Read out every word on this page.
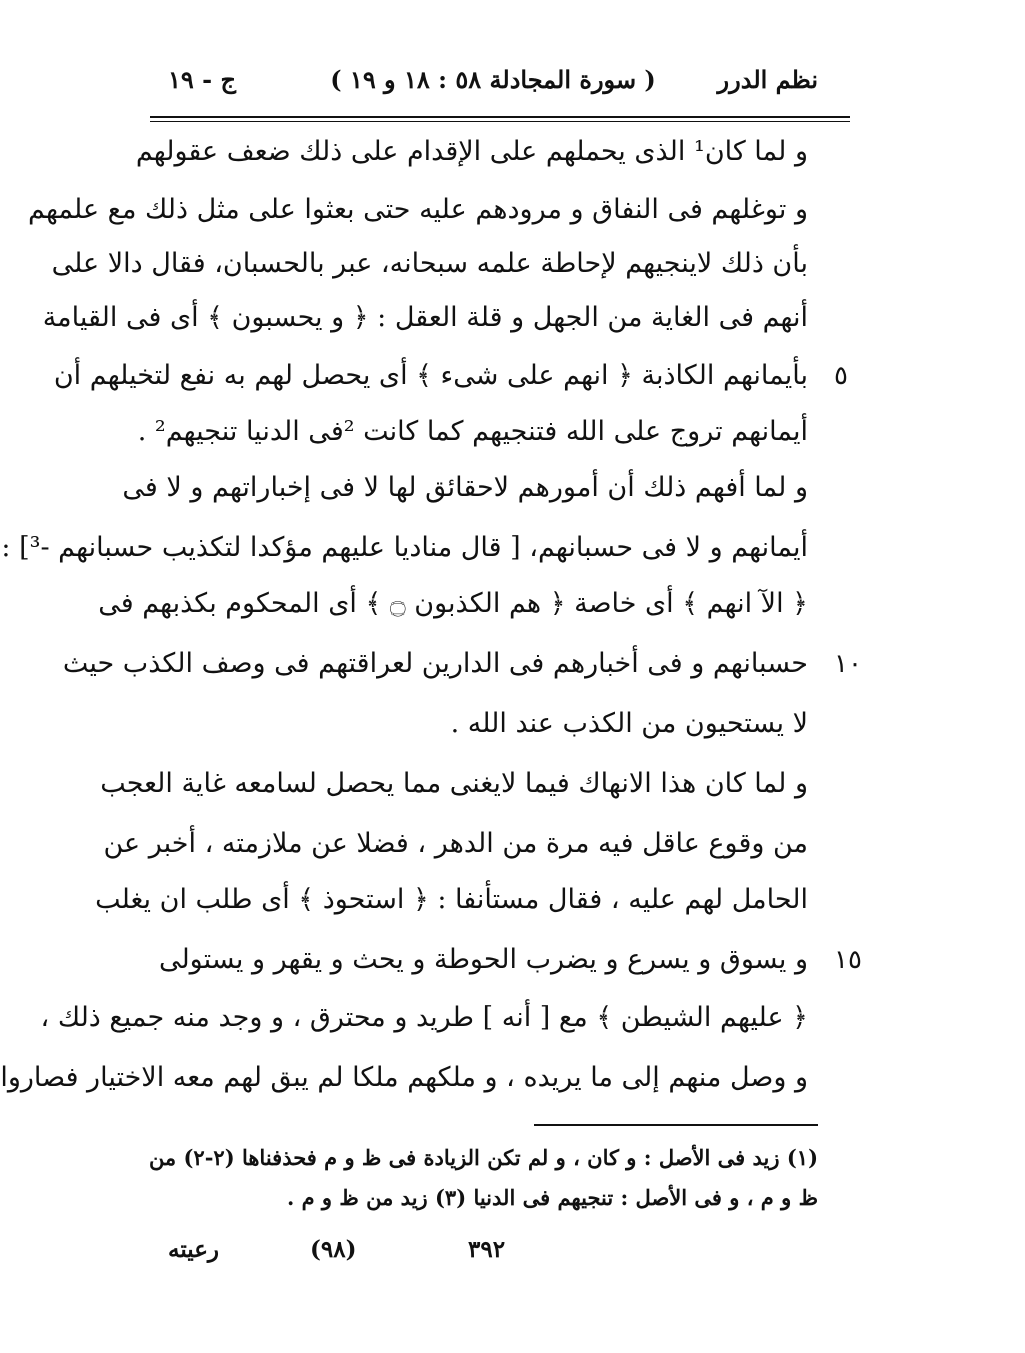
نظم الدرر
( سورة المجادلة ٥٨ : ١٨ و ١٩ )
ج - ١٩
و لما كان¹ الذى يحملهم على الإقدام على ذلك ضعف عقولهم
و توغلهم فى النفاق و مرودهم عليه حتى بعثوا على مثل ذلك مع علمهم
بأن ذلك لاينجيهم لإحاطة علمه سبحانه، عبر بالحسبان، فقال دالا على
أنهم فى الغاية من الجهل و قلة العقل : ﴿ و يحسبون ﴾ أى فى القيامة
بأيمانهم الكاذبة ﴿ انهم على شىء ﴾ أى يحصل لهم به نفع لتخيلهم أن ٥
أيمانهم تروج على الله فتنجيهم كما كانت ²فى الدنيا تنجيهم² .
و لما أفهم ذلك أن أمورهم لاحقائق لها لا فى إخباراتهم و لا فى
أيمانهم و لا فى حسبانهم، [ قال مناديا عليهم مؤكدا لتكذيب حسبانهم -³] :
﴿ الآ انهم ﴾ أى خاصة ﴿ هم الكذبون ۝ ﴾ أى المحكوم بكذبهم فى
حسبانهم و فى أخبارهم فى الدارين لعراقتهم فى وصف الكذب حيث ١٠
لا يستحيون من الكذب عند الله .
و لما كان هذا الانهاك فيما لايغنى مما يحصل لسامعه غاية العجب
من وقوع عاقل فيه مرة من الدهر ، فضلا عن ملازمته ، أخبر عن
الحامل لهم عليه ، فقال مستأنفا : ﴿ استحوذ ﴾ أى طلب ان يغلب
و يسوق و يسرع و يضرب الحوطة و يحث و يقهر و يستولى ١٥
﴿ عليهم الشيطن ﴾ مع [ أنه ] طريد و محترق ، و وجد منه جميع ذلك ،
و وصل منهم إلى ما يريده ، و ملكهم ملكا لم يبق لهم معه الاختيار فصاروا
(١) زيد فى الأصل : و كان ، و لم تكن الزيادة فى ظ و م فحذفناها (٢-٢) من
ظ و م ، و فى الأصل : تنجيهم فى الدنيا (٣) زيد من ظ و م .
٣٩٢
(٩٨)
رعيته
